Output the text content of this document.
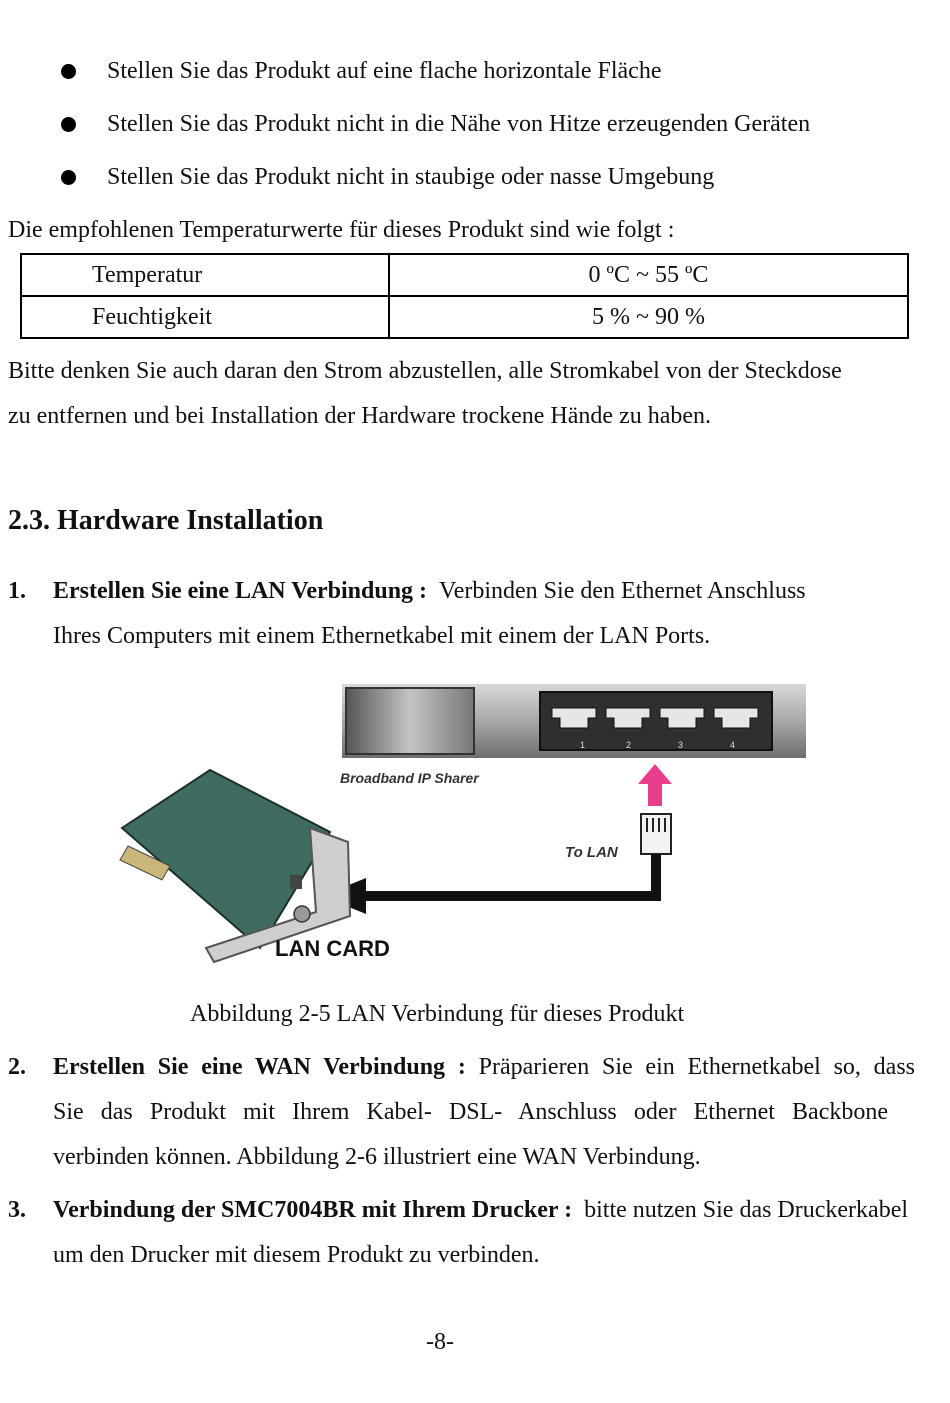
Stellen Sie das Produkt auf eine flache horizontale Fläche
Stellen Sie das Produkt nicht in die Nähe von Hitze erzeugenden Geräten
Stellen Sie das Produkt nicht in staubige oder nasse Umgebung
Die empfohlenen Temperaturwerte für dieses Produkt sind wie folgt :
Temperatur	0 ºC ~ 55 ºC
Feuchtigkeit	5 % ~ 90 %
Bitte denken Sie auch daran den Strom abzustellen, alle Stromkabel von der Steckdose
zu entfernen und bei Installation der Hardware trockene Hände zu haben.
2.3. Hardware Installation
1. Erstellen Sie eine LAN Verbindung : Verbinden Sie den Ethernet Anschluss
Ihres Computers mit einem Ethernetkabel mit einem der LAN Ports.
1	2	3	4
Broadband IP Sharer
To LAN
LAN CARD
Abbildung 2-5 LAN Verbindung für dieses Produkt
2. Erstellen Sie eine WAN Verbindung : Präparieren Sie ein Ethernetkabel so, dass
Sie das Produkt mit Ihrem Kabel- DSL- Anschluss oder Ethernet Backbone
verbinden können. Abbildung 2-6 illustriert eine WAN Verbindung.
3. Verbindung der SMC7004BR mit Ihrem Drucker : bitte nutzen Sie das Druckerkabel
um den Drucker mit diesem Produkt zu verbinden.
-8-
